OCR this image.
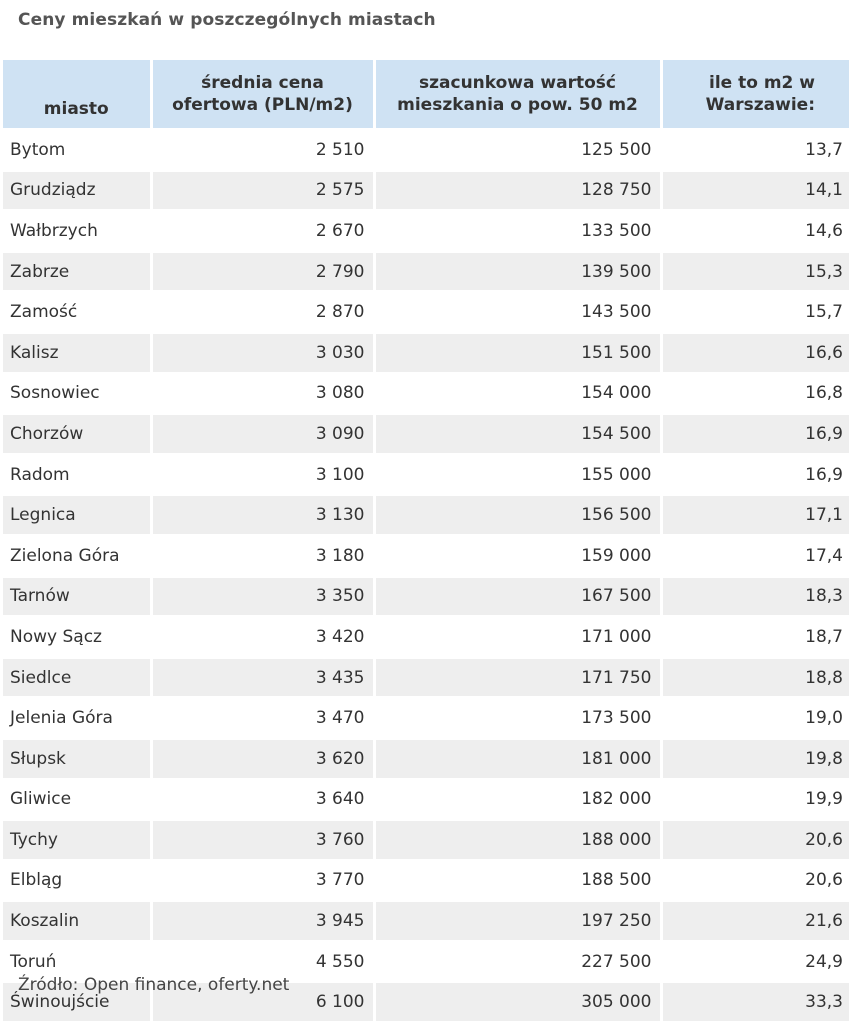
Ceny mieszkań w poszczególnych miastach
miasto	średnia cena ofertowa (PLN/m2)	szacunkowa wartość mieszkania o pow. 50 m2	ile to m2 w Warszawie:
Bytom	2 510	125 500	13,7
Grudziądz	2 575	128 750	14,1
Wałbrzych	2 670	133 500	14,6
Zabrze	2 790	139 500	15,3
Zamość	2 870	143 500	15,7
Kalisz	3 030	151 500	16,6
Sosnowiec	3 080	154 000	16,8
Chorzów	3 090	154 500	16,9
Radom	3 100	155 000	16,9
Legnica	3 130	156 500	17,1
Zielona Góra	3 180	159 000	17,4
Tarnów	3 350	167 500	18,3
Nowy Sącz	3 420	171 000	18,7
Siedlce	3 435	171 750	18,8
Jelenia Góra	3 470	173 500	19,0
Słupsk	3 620	181 000	19,8
Gliwice	3 640	182 000	19,9
Tychy	3 760	188 000	20,6
Elbląg	3 770	188 500	20,6
Koszalin	3 945	197 250	21,6
Toruń	4 550	227 500	24,9
Świnoujście	6 100	305 000	33,3
Źródło: Open finance, oferty.net
